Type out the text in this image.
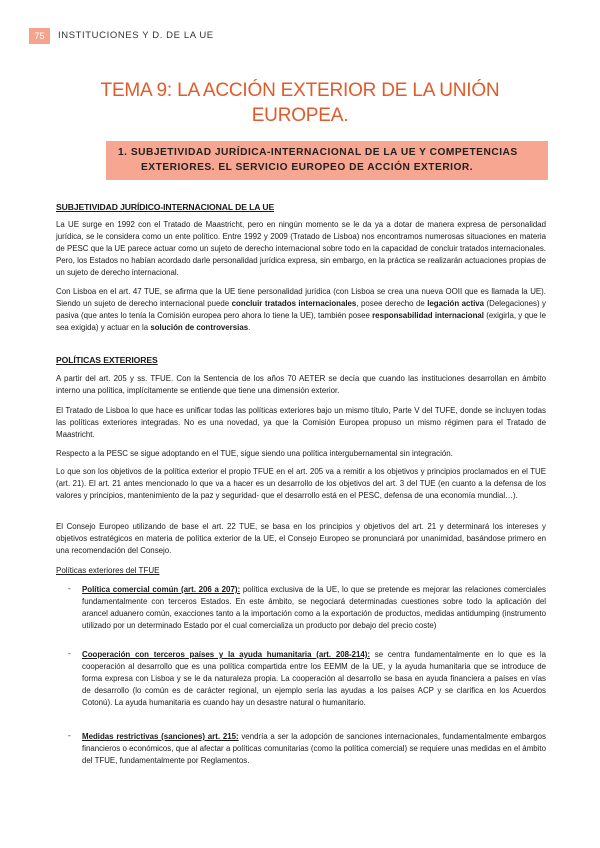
75	INSTITUCIONES Y D. DE LA UE
TEMA 9: LA ACCIÓN EXTERIOR DE LA UNIÓN
EUROPEA.
1. SUBJETIVIDAD JURÍDICA-INTERNACIONAL DE LA UE Y COMPETENCIAS
EXTERIORES. EL SERVICIO EUROPEO DE ACCIÓN EXTERIOR.
SUBJETIVIDAD JURÍDICO-INTERNACIONAL DE LA UE
La UE surge en 1992 con el Tratado de Maastricht, pero en ningún momento se le da ya a dotar de manera expresa de personalidad jurídica, se le considera como un ente político. Entre 1992 y 2009 (Tratado de Lisboa) nos encontramos numerosas situaciones en materia de PESC que la UE parece actuar como un sujeto de derecho internacional sobre todo en la capacidad de concluir tratados internacionales. Pero, los Estados no habían acordado darle personalidad jurídica expresa, sin embargo, en la práctica se realizarán actuaciones propias de un sujeto de derecho internacional.
Con Lisboa en el art. 47 TUE, se afirma que la UE tiene personalidad jurídica (con Lisboa se crea una nueva OOII que es llamada la UE). Siendo un sujeto de derecho internacional puede concluir tratados internacionales, posee derecho de legación activa (Delegaciones) y pasiva (que antes lo tenía la Comisión europea pero ahora lo tiene la UE), también posee responsabilidad internacional (exigirla, y que le sea exigida) y actuar en la solución de controversias.
POLÍTICAS EXTERIORES
A partir del art. 205 y ss. TFUE. Con la Sentencia de los años 70 AETER se decía que cuando las instituciones desarrollan en ámbito interno una política, implícitamente se entiende que tiene una dimensión exterior.
El Tratado de Lisboa lo que hace es unificar todas las políticas exteriores bajo un mismo título, Parte V del TUFE, donde se incluyen todas las políticas exteriores integradas. No es una novedad, ya que la Comisión Europea propuso un mismo régimen para el Tratado de Maastricht.
Respecto a la PESC se sigue adoptando en el TUE, sigue siendo una política intergubernamental sin integración.
Lo que son los objetivos de la política exterior el propio TFUE en el art. 205 va a remitir a los objetivos y principios proclamados en el TUE (art. 21). El art. 21 antes mencionado lo que va a hacer es un desarrollo de los objetivos del art. 3 del TUE (en cuanto a la defensa de los valores y principios, mantenimiento de la paz y seguridad- que el desarrollo está en el PESC, defensa de una economía mundial…).
El Consejo Europeo utilizando de base el art. 22 TUE, se basa en los principios y objetivos del art. 21 y determinará los intereses y objetivos estratégicos en materia de política exterior de la UE, el Consejo Europeo se pronunciará por unanimidad, basándose primero en una recomendación del Consejo.
Políticas exteriores del TFUE
- Política comercial común (art. 206 a 207): política exclusiva de la UE, lo que se pretende es mejorar las relaciones comerciales fundamentalmente con terceros Estados. En este ámbito, se negociará determinadas cuestiones sobre todo la aplicación del arancel aduanero común, exacciones tanto a la importación como a la exportación de productos, medidas antidumping (instrumento utilizado por un determinado Estado por el cual comercializa un producto por debajo del precio coste)
- Cooperación con terceros países y la ayuda humanitaria (art. 208-214): se centra fundamentalmente en lo que es la cooperación al desarrollo que es una política compartida entre los EEMM de la UE, y la ayuda humanitaria que se introduce de forma expresa con Lisboa y se le da naturaleza propia. La cooperación al desarrollo se basa en ayuda financiera a países en vías de desarrollo (lo común es de carácter regional, un ejemplo sería las ayudas a los países ACP y se clarifica en los Acuerdos Cotonú). La ayuda humanitaria es cuando hay un desastre natural o humanitario.
- Medidas restrictivas (sanciones) art. 215: vendría a ser la adopción de sanciones internacionales, fundamentalmente embargos financieros o económicos, que al afectar a políticas comunitarias (como la política comercial) se requiere unas medidas en el ámbito del TFUE, fundamentalmente por Reglamentos.
